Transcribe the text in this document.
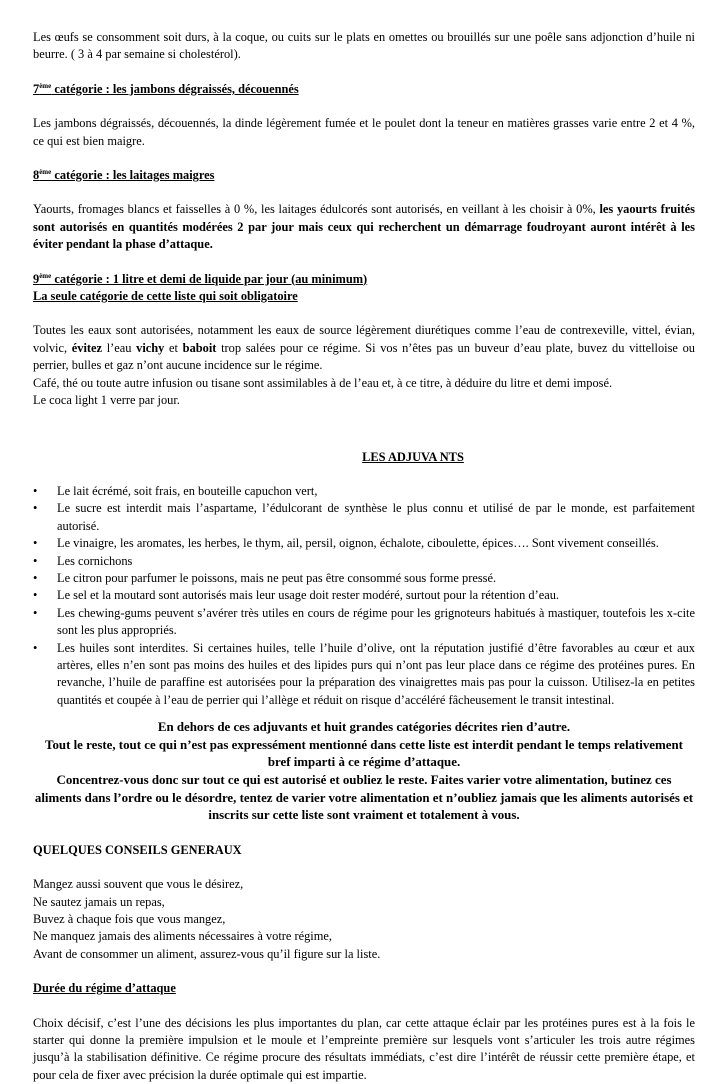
Les œufs se consomment soit durs, à la coque, ou cuits sur le plats en omettes ou brouillés sur une poêle sans adjonction d’huile ni beurre. ( 3 à 4 par semaine si cholestérol).

7ème catégorie : les jambons dégraissés, découennés

Les jambons dégraissés, découennés, la dinde légèrement fumée et le poulet dont la teneur en matières grasses varie entre 2 et 4 %, ce qui est bien maigre.

8ème catégorie : les laitages maigres

Yaourts, fromages blancs et faisselles à 0 %, les laitages édulcorés sont autorisés, en veillant à les choisir à 0%, les yaourts fruités sont autorisés en quantités modérées 2 par jour mais ceux qui recherchent un démarrage foudroyant auront intérêt à les éviter pendant la phase d’attaque.

9ème catégorie : 1 litre et demi de liquide par jour (au minimum)

La seule catégorie de cette liste qui soit obligatoire

Toutes les eaux sont autorisées, notamment les eaux de source légèrement diurétiques comme l’eau de contrexeville, vittel, évian, volvic, évitez l’eau vichy et baboit trop salées pour ce régime. Si vos n’êtes pas un buveur d’eau plate, buvez du vittelloise ou perrier, bulles et gaz n’ont aucune incidence sur le régime.

Café, thé ou toute autre infusion ou tisane sont assimilables à de l’eau et, à ce titre, à déduire du litre et demi imposé.

Le coca light 1 verre par jour.

LES ADJUVA NTS

• Le lait écrémé, soit frais, en bouteille capuchon vert,
• Le sucre est interdit mais l’aspartame, l’édulcorant de synthèse le plus connu et utilisé de par le monde, est parfaitement autorisé.
• Le vinaigre, les aromates, les herbes, le thym, ail, persil, oignon, échalote, ciboulette, épices…. Sont vivement conseillés.
• Les cornichons
• Le citron pour parfumer le poissons, mais ne peut pas être consommé sous forme pressé.
• Le sel et la moutard sont autorisés mais leur usage doit rester modéré, surtout pour la rétention d’eau.
• Les chewing-gums peuvent s’avérer très utiles en cours de régime pour les grignoteurs habitués à mastiquer, toutefois les x-cite sont les plus appropriés.
• Les huiles sont interdites. Si certaines huiles, telle l’huile d’olive, ont la réputation justifié d’être favorables au cœur et aux artères, elles n’en sont pas moins des huiles et des lipides purs qui n’ont pas leur place dans ce régime des protéines pures. En revanche, l’huile de paraffine est autorisées pour la préparation des vinaigrettes mais pas pour la cuisson. Utilisez-la en petites quantités et coupée à l’eau de perrier qui l’allège et réduit on risque d’accéléré fâcheusement le transit intestinal.

En dehors de ces adjuvants et huit grandes catégories décrites rien d’autre.

Tout le reste, tout ce qui n’est pas expressément mentionné dans cette liste est interdit pendant le temps relativement bref imparti à ce régime d’attaque.

Concentrez-vous donc sur tout ce qui est autorisé et oubliez le reste. Faites varier votre alimentation, butinez ces aliments dans l’ordre ou le désordre, tentez de varier votre alimentation et n’oubliez jamais que les aliments autorisés et inscrits sur cette liste sont vraiment et totalement à vous.

QUELQUES CONSEILS GENERAUX

Mangez aussi souvent que vous le désirez,

Ne sautez jamais un repas,

Buvez à chaque fois que vous mangez,

Ne manquez jamais des aliments nécessaires à votre régime,

Avant de consommer un aliment, assurez-vous qu’il figure sur la liste.

Durée du régime d’attaque

Choix décisif, c’est l’une des décisions les plus importantes du plan, car cette attaque éclair par les protéines pures est à la fois le starter qui donne la première impulsion et le moule et l’empreinte première sur lesquels vont s’articuler les trois autre régimes jusqu’à la stabilisation définitive. Ce régime procure des résultats immédiats, c’est dire l’intérêt de réussir cette première étape, et pour cela de fixer avec précision la durée optimale qui est impartie.
